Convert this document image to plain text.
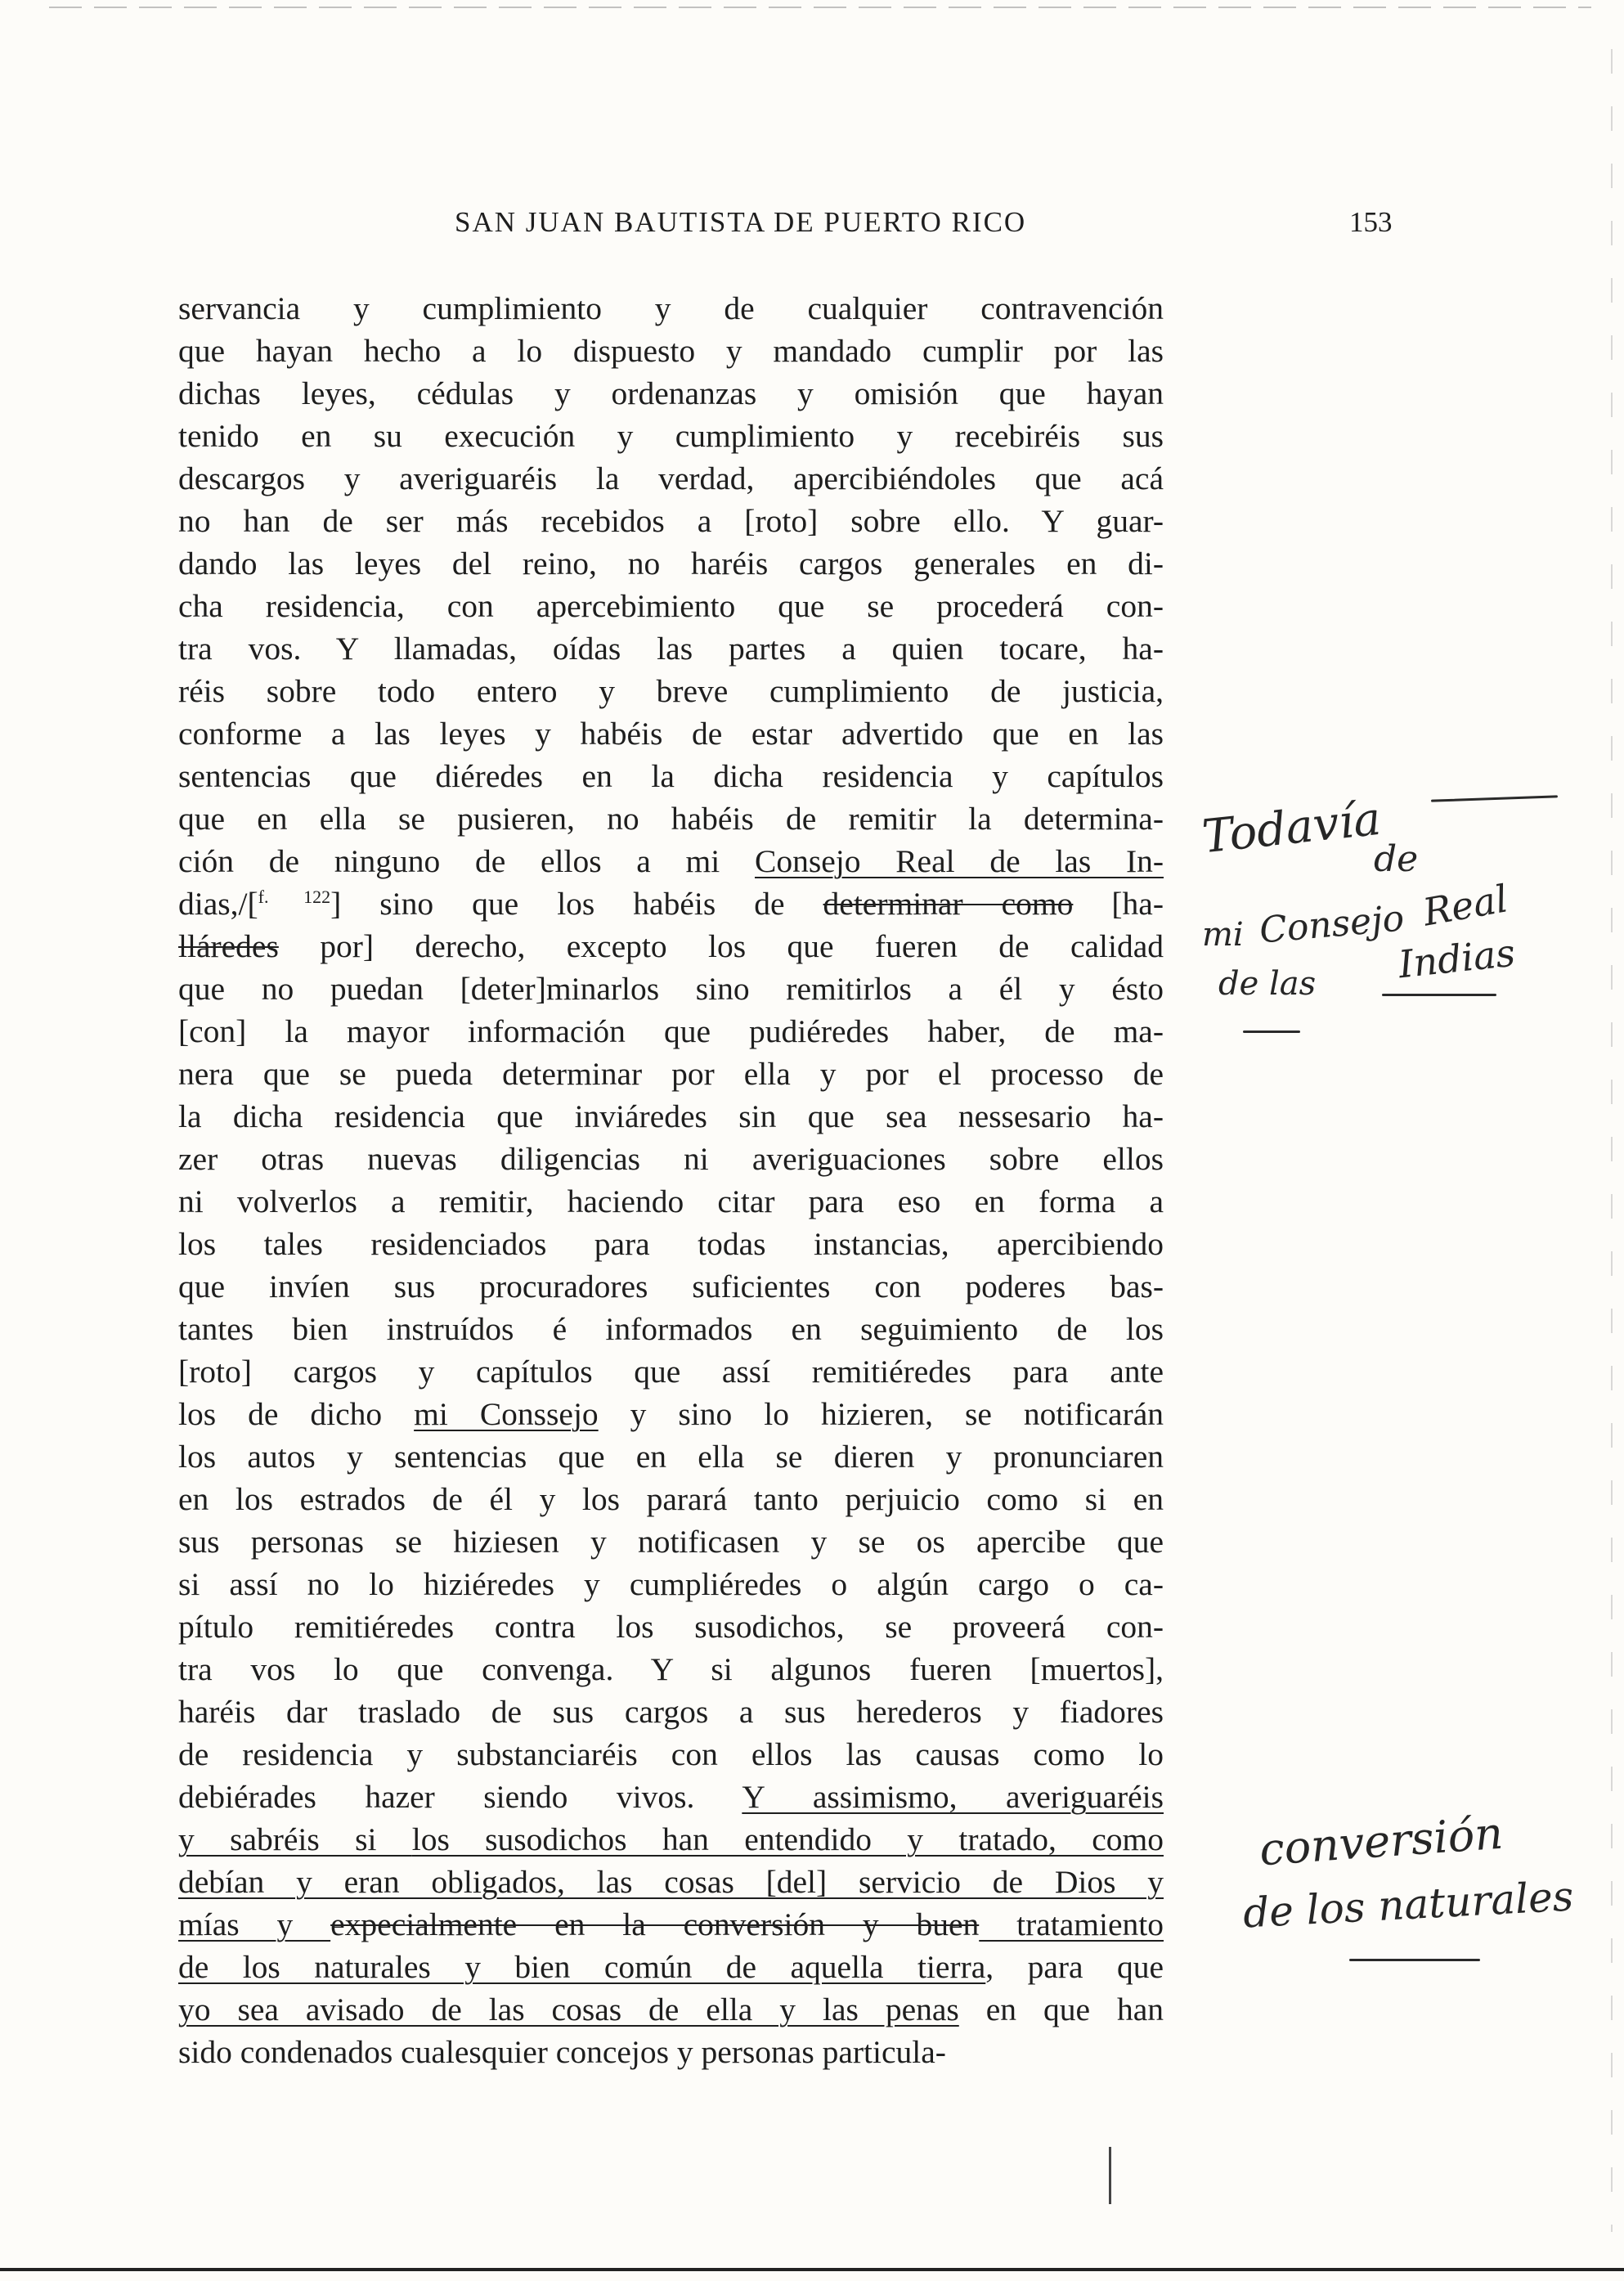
SAN JUAN BAUTISTA DE PUERTO RICO	153
servancia y cumplimiento y de cualquier contravención
que hayan hecho a lo dispuesto y mandado cumplir por las
dichas leyes, cédulas y ordenanzas y omisión que hayan
tenido en su execución y cumplimiento y recebiréis sus
descargos y averiguaréis la verdad, apercibiéndoles que acá
no han de ser más recebidos a [roto] sobre ello. Y guar-
dando las leyes del reino, no haréis cargos generales en di-
cha residencia, con apercebimiento que se procederá con-
tra vos. Y llamadas, oídas las partes a quien tocare, ha-
réis sobre todo entero y breve cumplimiento de justicia,
conforme a las leyes y habéis de estar advertido que en las
sentencias que diéredes en la dicha residencia y capítulos
que en ella se pusieren, no habéis de remitir la determina-
ción de ninguno de ellos a mi Consejo Real de las In-
dias,/[$^{f. 122}$] sino que los habéis de determinar como [ha-
lláredes por] derecho, excepto los que fueren de calidad
que no puedan [deter]minarlos sino remitirlos a él y ésto
[con] la mayor información que pudiéredes haber, de ma-
nera que se pueda determinar por ella y por el processo de
la dicha residencia que inviáredes sin que sea nessesario ha-
zer otras nuevas diligencias ni averiguaciones sobre ellos
ni volverlos a remitir, haciendo citar para eso en forma a
los tales residenciados para todas instancias, apercibiendo
que invíen sus procuradores suficientes con poderes bas-
tantes bien instruídos é informados en seguimiento de los
[roto] cargos y capítulos que assí remitiéredes para ante
los de dicho mi Conssejo y sino lo hizieren, se notificarán
los autos y sentencias que en ella se dieren y pronunciaren
en los estrados de él y los parará tanto perjuicio como si en
sus personas se hiziesen y notificasen y se os apercibe que
si assí no lo hiziéredes y cumpliéredes o algún cargo o ca-
pítulo remitiéredes contra los susodichos, se proveerá con-
tra vos lo que convenga. Y si algunos fueren [muertos],
haréis dar traslado de sus cargos a sus herederos y fiadores
de residencia y substanciaréis con ellos las causas como lo
debiérades hazer siendo vivos. Y assimismo, averiguaréis
y sabréis si los susodichos han entendido y tratado, como
debían y eran obligados, las cosas [del] servicio de Dios y
mías y expecialmente en la conversión y buen tratamiento
de los naturales y bien común de aquella tierra, para que
yo sea avisado de las cosas de ella y las penas en que han
sido condenados cualesquier concejos y personas particula-
Todavía
de
mi Consejo Real
de las Indias
conversión
de los naturales
